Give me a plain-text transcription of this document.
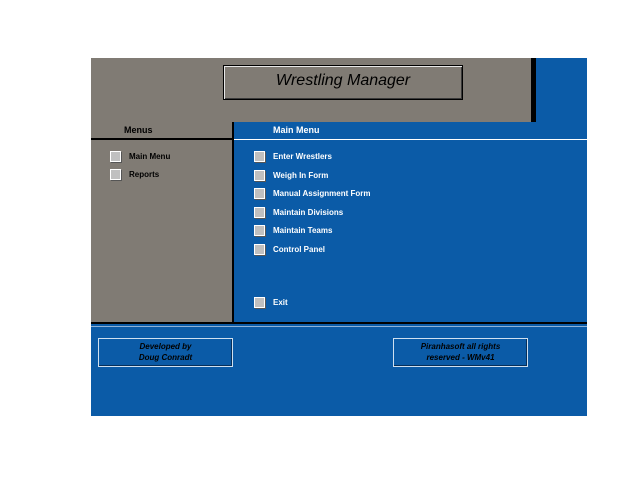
Wrestling Manager
Menus	Main Menu
Main Menu
Reports
Enter Wrestlers
Weigh In Form
Manual Assignment Form
Maintain Divisions
Maintain Teams
Control Panel
Exit
Developed by
Doug Conradt
Piranhasoft all rights
reserved - WMv41
